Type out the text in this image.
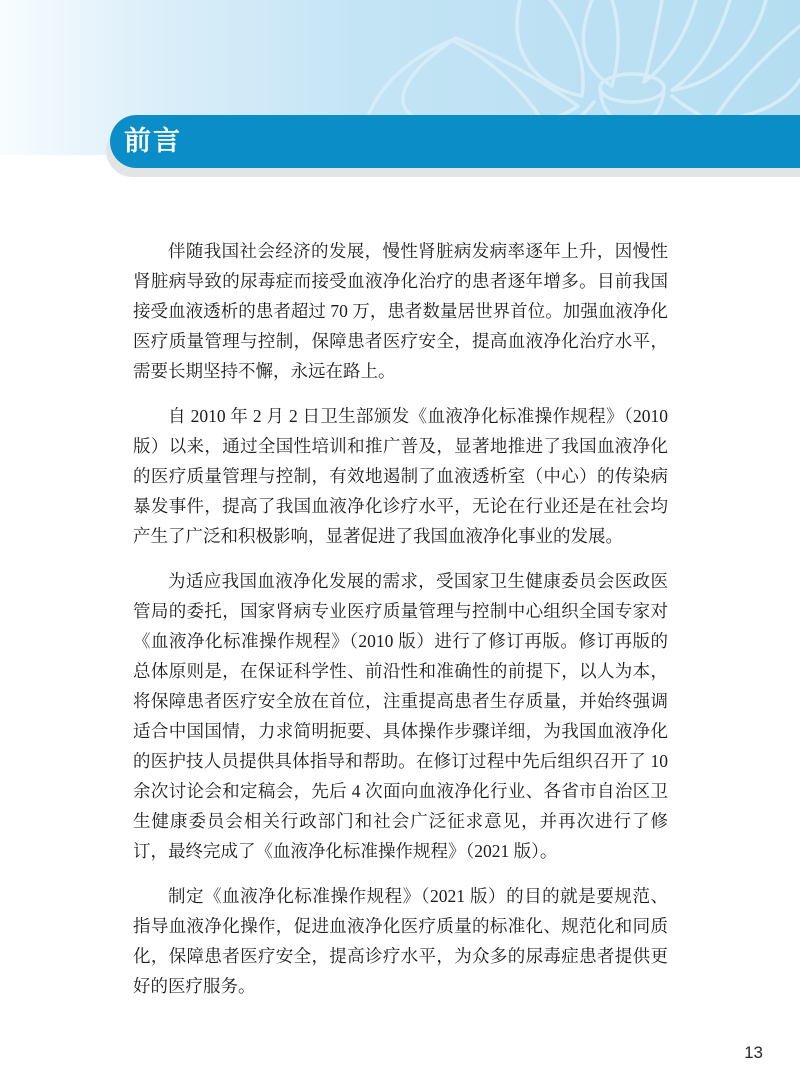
前言

伴随我国社会经济的发展，慢性肾脏病发病率逐年上升，因慢性肾脏病导致的尿毒症而接受血液净化治疗的患者逐年增多。目前我国接受血液透析的患者超过 70 万，患者数量居世界首位。加强血液净化医疗质量管理与控制，保障患者医疗安全，提高血液净化治疗水平，需要长期坚持不懈，永远在路上。

自 2010 年 2 月 2 日卫生部颁发《血液净化标准操作规程》（2010 版）以来，通过全国性培训和推广普及，显著地推进了我国血液净化的医疗质量管理与控制，有效地遏制了血液透析室（中心）的传染病暴发事件，提高了我国血液净化诊疗水平，无论在行业还是在社会均产生了广泛和积极影响，显著促进了我国血液净化事业的发展。

为适应我国血液净化发展的需求，受国家卫生健康委员会医政医管局的委托，国家肾病专业医疗质量管理与控制中心组织全国专家对《血液净化标准操作规程》（2010 版）进行了修订再版。修订再版的总体原则是，在保证科学性、前沿性和准确性的前提下，以人为本，将保障患者医疗安全放在首位，注重提高患者生存质量，并始终强调适合中国国情，力求简明扼要、具体操作步骤详细，为我国血液净化的医护技人员提供具体指导和帮助。在修订过程中先后组织召开了 10 余次讨论会和定稿会，先后 4 次面向血液净化行业、各省市自治区卫生健康委员会相关行政部门和社会广泛征求意见，并再次进行了修订，最终完成了《血液净化标准操作规程》（2021 版）。

制定《血液净化标准操作规程》（2021 版）的目的就是要规范、指导血液净化操作，促进血液净化医疗质量的标准化、规范化和同质化，保障患者医疗安全，提高诊疗水平，为众多的尿毒症患者提供更好的医疗服务。

13
